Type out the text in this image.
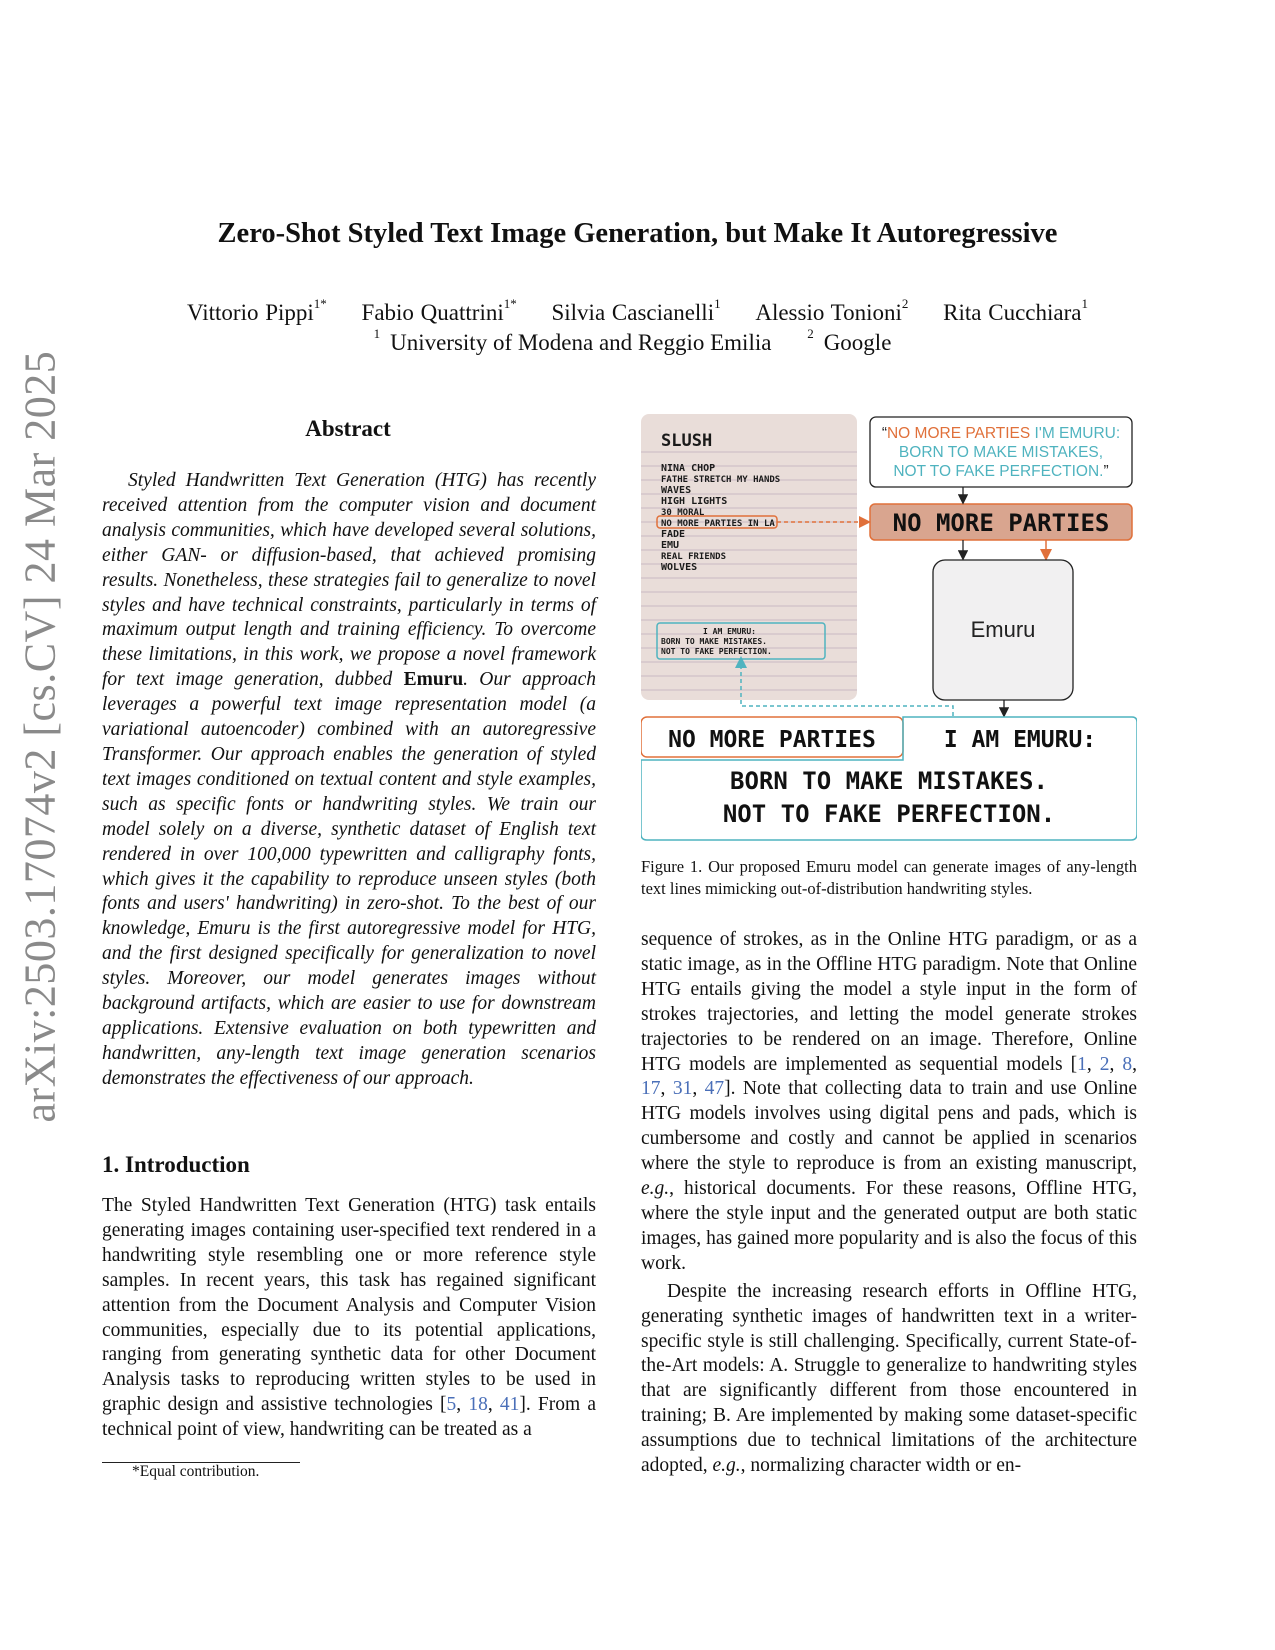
arXiv:2503.17074v2 [cs.CV] 24 Mar 2025
Zero-Shot Styled Text Image Generation, but Make It Autoregressive
Vittorio Pippi$^{1*}$ Fabio Quattrini$^{1*}$ Silvia Cascianelli$^1$ Alessio Tonioni$^2$ Rita Cucchiara$^1$
$^1$ University of Modena and Reggio Emilia	$^2$ Google
Abstract
Styled Handwritten Text Generation (HTG) has recently received attention from the computer vision and document analysis communities, which have developed several solutions, either GAN- or diffusion-based, that achieved promising results. Nonetheless, these strategies fail to generalize to novel styles and have technical constraints, particularly in terms of maximum output length and training efficiency. To overcome these limitations, in this work, we propose a novel framework for text image generation, dubbed Emuru. Our approach leverages a powerful text image representation model (a variational autoencoder) combined with an autoregressive Transformer. Our approach enables the generation of styled text images conditioned on textual content and style examples, such as specific fonts or handwriting styles. We train our model solely on a diverse, synthetic dataset of English text rendered in over 100,000 typewritten and calligraphy fonts, which gives it the capability to reproduce unseen styles (both fonts and users' handwriting) in zero-shot. To the best of our knowledge, Emuru is the first autoregressive model for HTG, and the first designed specifically for generalization to novel styles. Moreover, our model generates images without background artifacts, which are easier to use for downstream applications. Extensive evaluation on both typewritten and handwritten, any-length text image generation scenarios demonstrates the effectiveness of our approach.
1. Introduction
The Styled Handwritten Text Generation (HTG) task entails generating images containing user-specified text rendered in a handwriting style resembling one or more reference style samples. In recent years, this task has regained significant attention from the Document Analysis and Computer Vision communities, especially due to its potential applications, ranging from generating synthetic data for other Document Analysis tasks to reproducing written styles to be used in graphic design and assistive technologies [5, 18, 41]. From a technical point of view, handwriting can be treated as a
*Equal contribution.
SLUSH
NINA CHOP
FATHE STRETCH MY HANDS
WAVES
HIGH LIGHTS
30 MORAL
NO MORE PARTIES IN LA
FADE
EMU
REAL FRIENDS
WOLVES
I AM EMURU:
BORN TO MAKE MISTAKES.
NOT TO FAKE PERFECTION.
“NO MORE PARTIES I'M EMURU:
BORN TO MAKE MISTAKES,
NOT TO FAKE PERFECTION.”
NO MORE PARTIES
Emuru
NO MORE PARTIES	I AM EMURU:
BORN TO MAKE MISTAKES.
NOT TO FAKE PERFECTION.
Figure 1. Our proposed Emuru model can generate images of any-length text lines mimicking out-of-distribution handwriting styles.

sequence of strokes, as in the Online HTG paradigm, or as a static image, as in the Offline HTG paradigm. Note that Online HTG entails giving the model a style input in the form of strokes trajectories, and letting the model generate strokes trajectories to be rendered on an image. Therefore, Online HTG models are implemented as sequential models [1, 2, 8, 17, 31, 47]. Note that collecting data to train and use Online HTG models involves using digital pens and pads, which is cumbersome and costly and cannot be applied in scenarios where the style to reproduce is from an existing manuscript, e.g., historical documents. For these reasons, Offline HTG, where the style input and the generated output are both static images, has gained more popularity and is also the focus of this work.

Despite the increasing research efforts in Offline HTG, generating synthetic images of handwritten text in a writer-specific style is still challenging. Specifically, current State-of-the-Art models: A. Struggle to generalize to handwriting styles that are significantly different from those encountered in training; B. Are implemented by making some dataset-specific assumptions due to technical limitations of the architecture adopted, e.g., normalizing character width or en-
